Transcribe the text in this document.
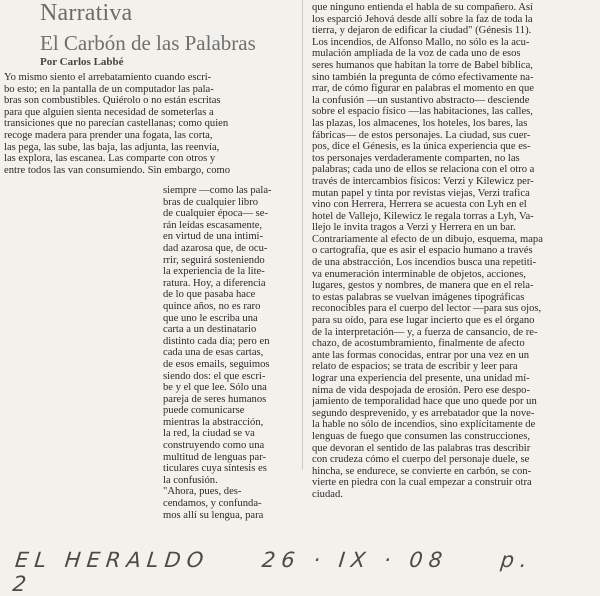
Narrativa
El Carbón de las Palabras
Por Carlos Labbé
Yo mismo siento el arrebatamiento cuando escri-
bo esto; en la pantalla de un computador las pala-
bras son combustibles. Quiérolo o no están escritas
para que alguien sienta necesidad de someterlas a
transiciones que no parecían castellanas; como quien
recoge madera para prender una fogata, las corta,
las pega, las sube, las baja, las adjunta, las reenvía,
las explora, las escanea. Las comparte con otros y
entre todos las van consumiendo. Sin embargo, como
siempre —como las pala-
bras de cualquier libro
de cualquier época— se-
rán leídas escasamente,
en virtud de una intimi-
dad azarosa que, de ocu-
rrir, seguirá sosteniendo
la experiencia de la lite-
ratura. Hoy, a diferencia
de lo que pasaba hace
quince años, no es raro
que uno le escriba una
carta a un destinatario
distinto cada día; pero en
cada una de esas cartas,
de esos emails, seguimos
siendo dos: el que escri-
be y el que lee. Sólo una
pareja de seres humanos
puede comunicarse
mientras la abstracción,
la red, la ciudad se va
construyendo como una
multitud de lenguas par-
ticulares cuya síntesis es
la confusión.
"Ahora, pues, des-
cendamos, y confunda-
mos allí su lengua, para
que ninguno entienda el habla de su compañero. Así
los esparció Jehová desde allí sobre la faz de toda la
tierra, y dejaron de edificar la ciudad" (Génesis 11).
Los incendios, de Alfonso Mallo, no sólo es la acu-
mulación ampliada de la voz de cada uno de esos
seres humanos que habitan la torre de Babel bíblica,
sino también la pregunta de cómo efectivamente na-
rrar, de cómo figurar en palabras el momento en que
la confusión —un sustantivo abstracto— desciende
sobre el espacio físico —las habitaciones, las calles,
las plazas, los almacenes, los hoteles, los bares, las
fábricas— de estos personajes. La ciudad, sus cuer-
pos, dice el Génesis, es la única experiencia que es-
tos personajes verdaderamente comparten, no las
palabras; cada uno de ellos se relaciona con el otro a
través de intercambios físicos: Verzi y Kilewicz per-
mutan papel y tinta por revistas viejas, Verzi trafica
vino con Herrera, Herrera se acuesta con Lyh en el
hotel de Vallejo, Kilewicz le regala torras a Lyh, Va-
llejo le invita tragos a Verzi y Herrera en un bar.
Contrariamente al efecto de un dibujo, esquema, mapa
o cartografía, que es asir el espacio humano a través
de una abstracción, Los incendios busca una repetiti-
va enumeración interminable de objetos, acciones,
lugares, gestos y nombres, de manera que en el rela-
to estas palabras se vuelvan imágenes tipográficas
reconocibles para el cuerpo del lector —para sus ojos,
para su oído, para ese lugar incierto que es el órgano
de la interpretación— y, a fuerza de cansancio, de re-
chazo, de acostumbramiento, finalmente de afecto
ante las formas conocidas, entrar por una vez en un
relato de espacios; se trata de escribir y leer para
lograr una experiencia del presente, una unidad mí-
nima de vida despojada de erosión. Pero ese despo-
jamiento de temporalidad hace que uno quede por un
segundo desprevenido, y es arrebatador que la nove-
la hable no sólo de incendios, sino explícitamente de
lenguas de fuego que consumen las construcciones,
que devoran el sentido de las palabras tras describir
con crudeza cómo el cuerpo del personaje duele, se
hincha, se endurece, se convierte en carbón, se con-
vierte en piedra con la cual empezar a construir otra
ciudad.
EL HERALDO 26 · IX · 08 p. 2
